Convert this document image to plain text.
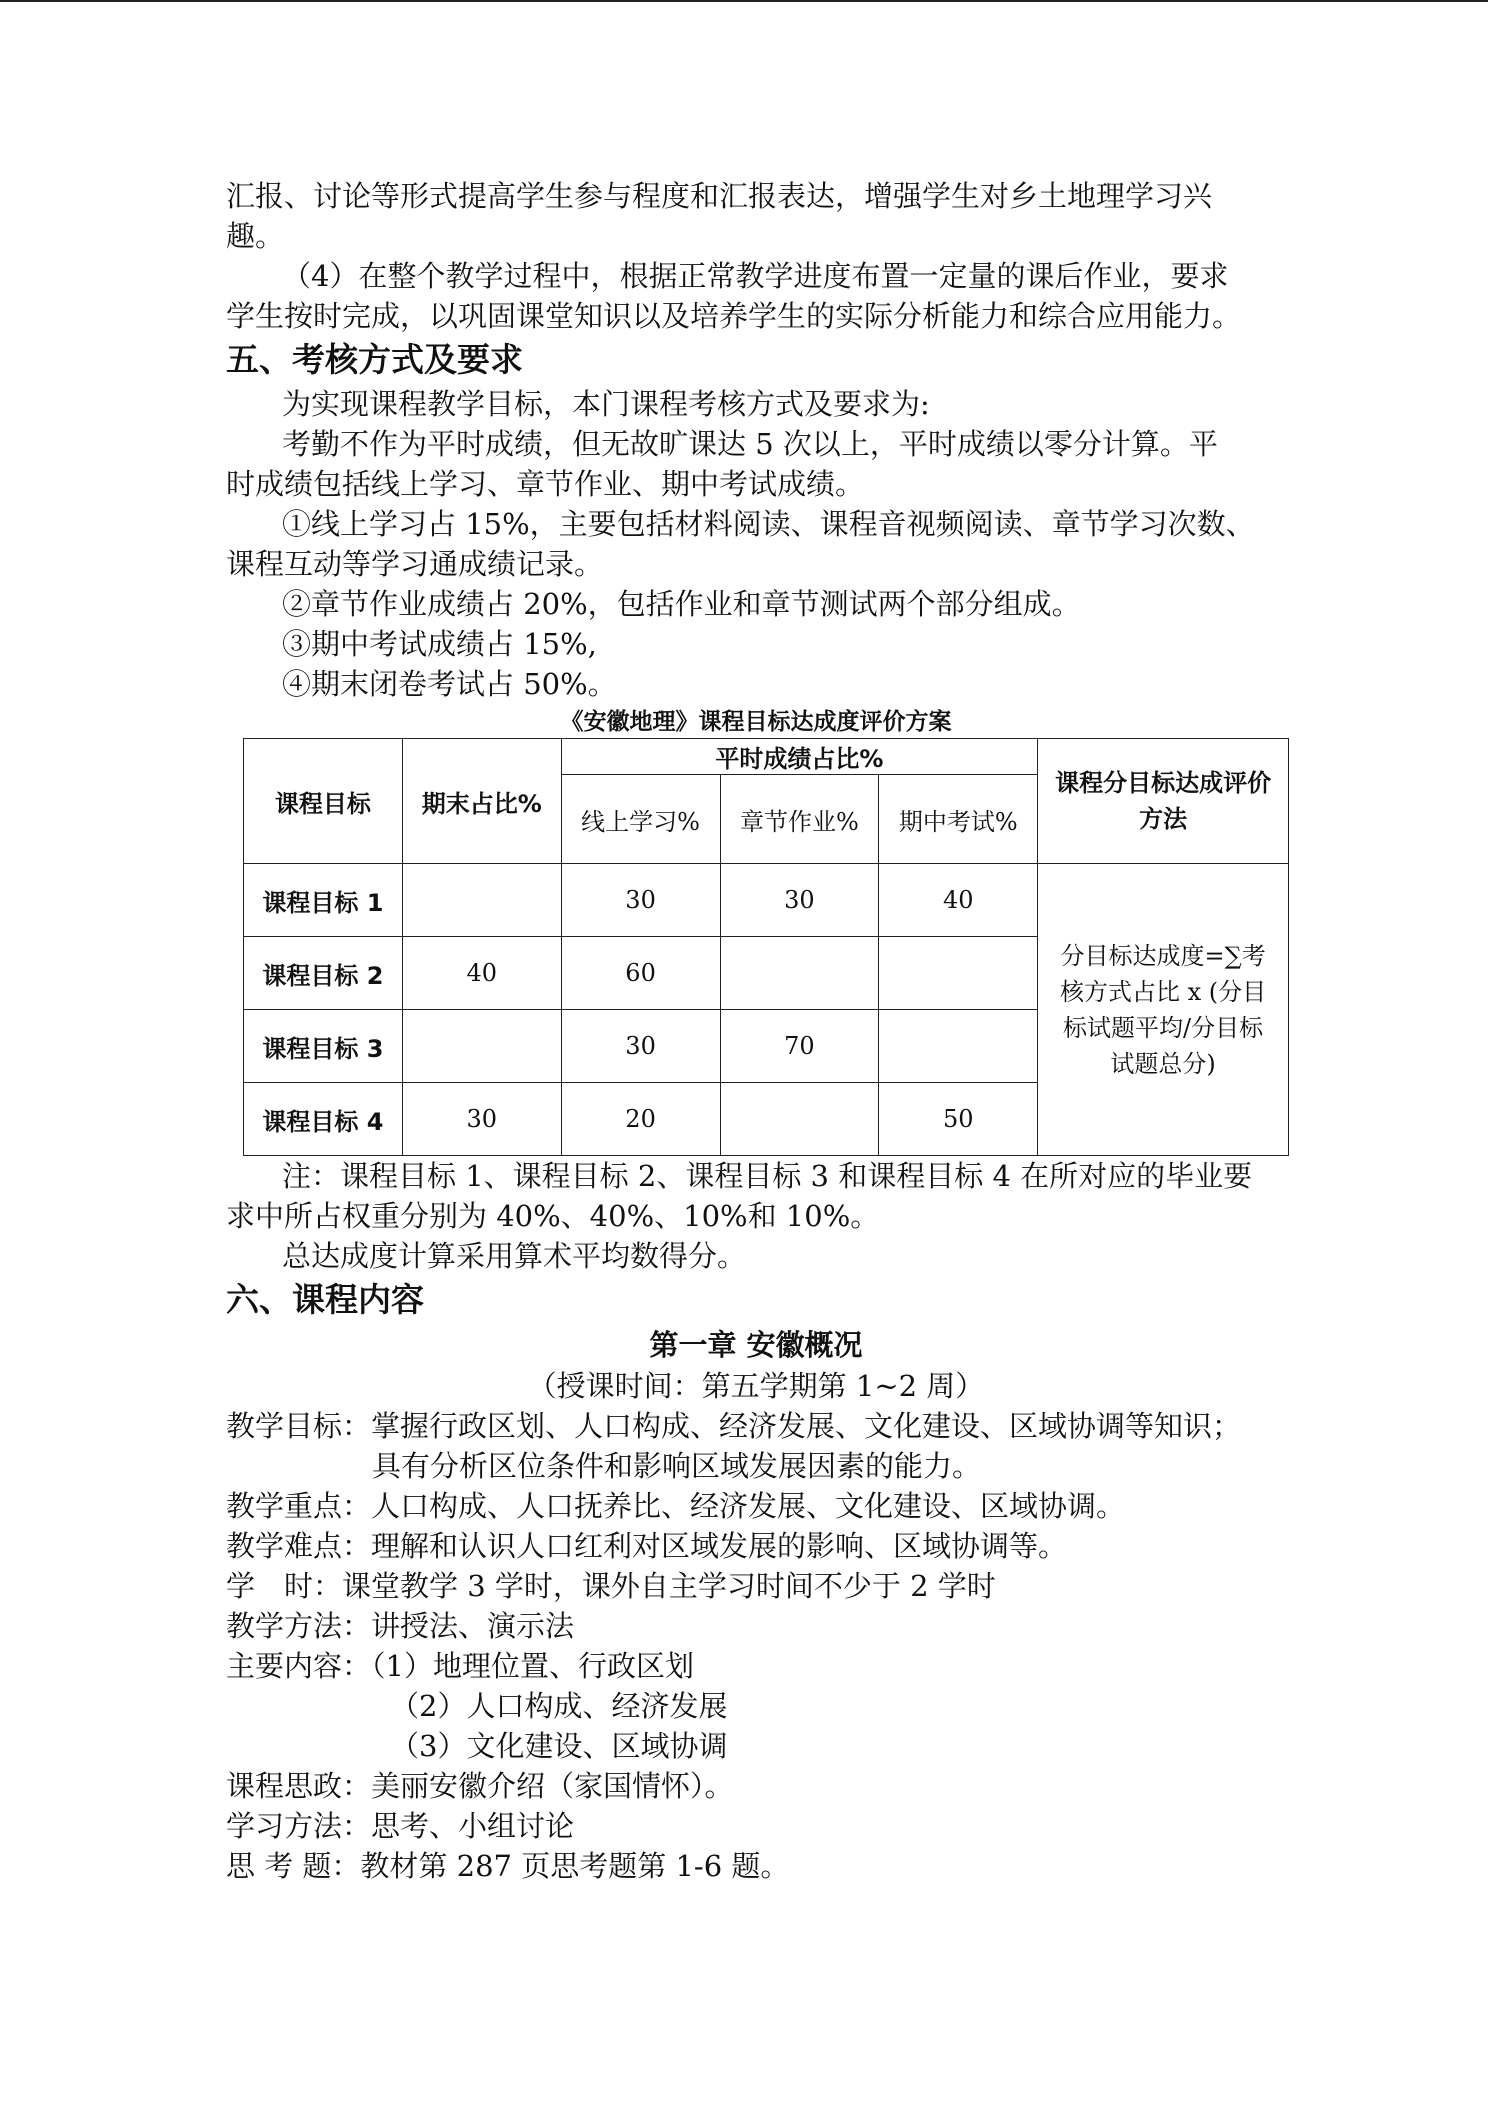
汇报、讨论等形式提高学生参与程度和汇报表达，增强学生对乡土地理学习兴
趣。
（4）在整个教学过程中，根据正常教学进度布置一定量的课后作业，要求
学生按时完成，以巩固课堂知识以及培养学生的实际分析能力和综合应用能力。
五、考核方式及要求
为实现课程教学目标，本门课程考核方式及要求为:
考勤不作为平时成绩，但无故旷课达 5 次以上，平时成绩以零分计算。平
时成绩包括线上学习、章节作业、期中考试成绩。
①线上学习占 15%，主要包括材料阅读、课程音视频阅读、章节学习次数、
课程互动等学习通成绩记录。
②章节作业成绩占 20%，包括作业和章节测试两个部分组成。
③期中考试成绩占 15%,
④期末闭卷考试占 50%。
《安徽地理》课程目标达成度评价方案
课程目标	期末占比%	平时成绩占比%			课程分目标达成评价方法
		线上学习%	章节作业%	期中考试%	
课程目标 1		30	30	40	分目标达成度=∑考核方式占比 x (分目标试题平均/分目标试题总分)
课程目标 2	40	60			
课程目标 3		30	70		
课程目标 4	30	20		50	
注：课程目标 1、课程目标 2、课程目标 3 和课程目标 4 在所对应的毕业要
求中所占权重分别为 40%、40%、10%和 10%。
总达成度计算采用算术平均数得分。
六、课程内容
第一章 安徽概况
（授课时间：第五学期第 1~2 周）
教学目标：掌握行政区划、人口构成、经济发展、文化建设、区域协调等知识；
具有分析区位条件和影响区域发展因素的能力。
教学重点：人口构成、人口抚养比、经济发展、文化建设、区域协调。
教学难点：理解和认识人口红利对区域发展的影响、区域协调等。
学　时：课堂教学 3 学时，课外自主学习时间不少于 2 学时
教学方法：讲授法、演示法
主要内容：（1）地理位置、行政区划
（2）人口构成、经济发展
（3）文化建设、区域协调
课程思政：美丽安徽介绍（家国情怀）。
学习方法：思考、小组讨论
思 考 题：教材第 287 页思考题第 1-6 题。
